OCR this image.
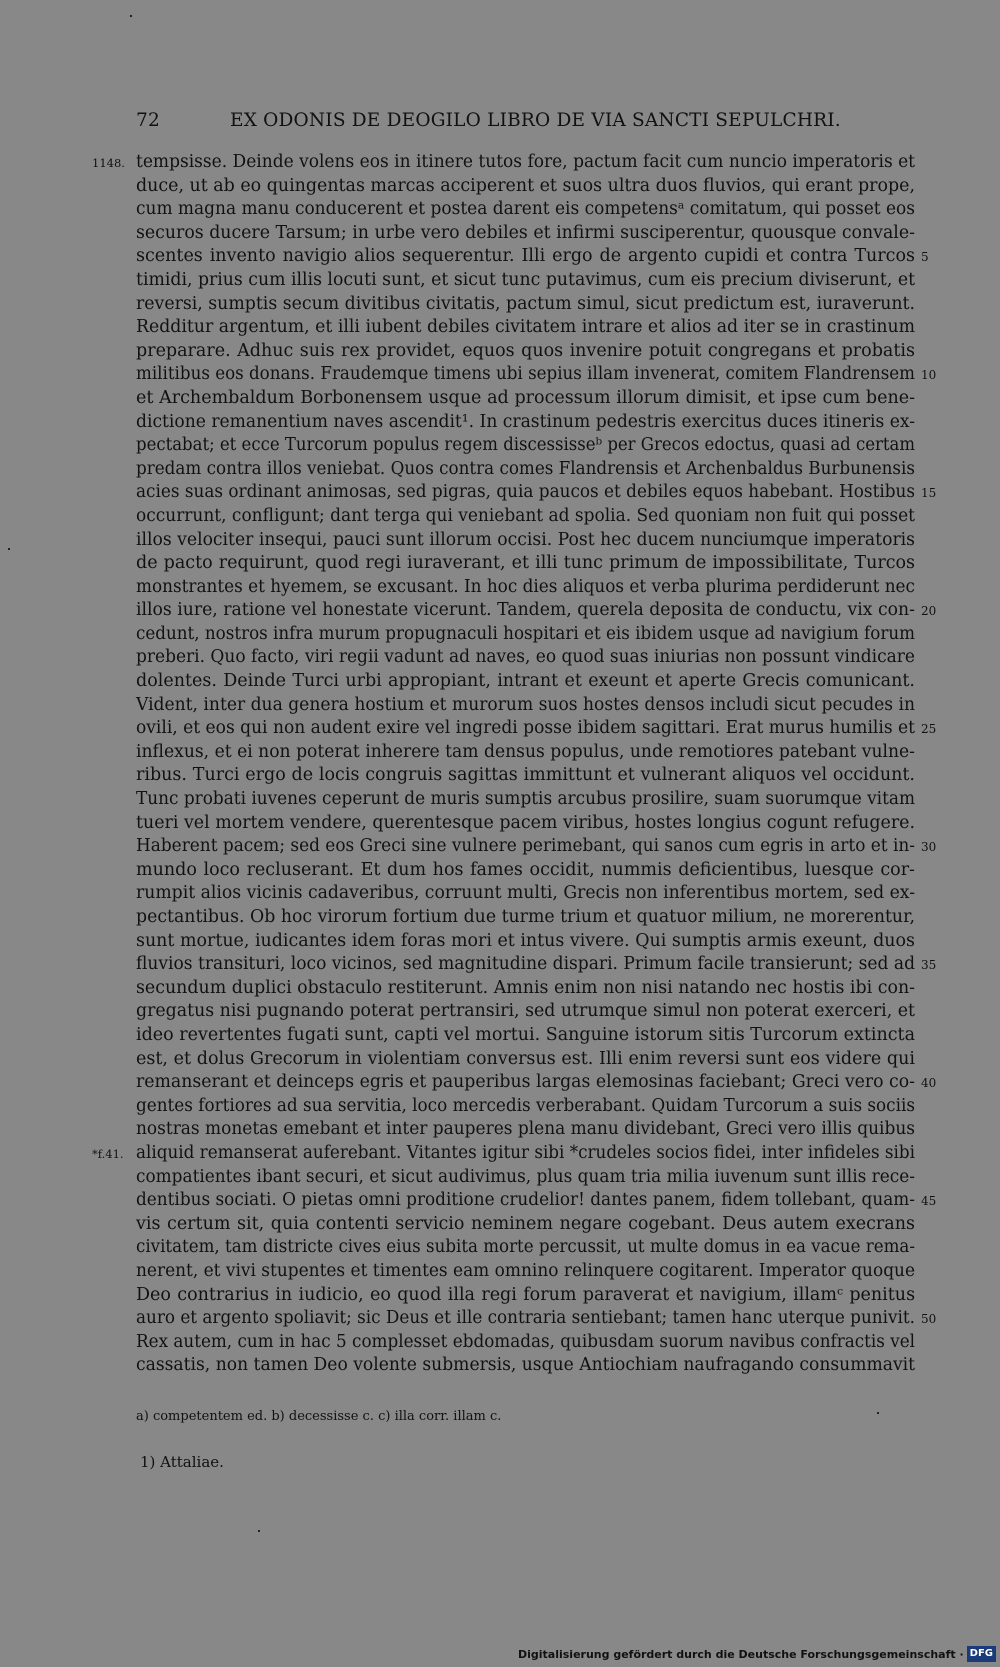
72	EX ODONIS DE DEOGILO LIBRO DE VIA SANCTI SEPULCHRI.
tempsisse. Deinde volens eos in itinere tutos fore, pactum facit cum nuncio imperatoris et
1148.
duce, ut ab eo quingentas marcas acciperent et suos ultra duos fluvios, qui erant prope,
cum magna manu conducerent et postea darent eis competensᵃ comitatum, qui posset eos
securos ducere Tarsum; in urbe vero debiles et infirmi susciperentur, quousque convale-
scentes invento navigio alios sequerentur. Illi ergo de argento cupidi et contra Turcos 5
timidi, prius cum illis locuti sunt, et sicut tunc putavimus, cum eis precium diviserunt, et
reversi, sumptis secum divitibus civitatis, pactum simul, sicut predictum est, iuraverunt.
Redditur argentum, et illi iubent debiles civitatem intrare et alios ad iter se in crastinum
preparare. Adhuc suis rex providet, equos quos invenire potuit congregans et probatis
militibus eos donans. Fraudemque timens ubi sepius illam invenerat, comitem Flandrensem 10
et Archembaldum Borbonensem usque ad processum illorum dimisit, et ipse cum bene-
dictione remanentium naves ascendit¹. In crastinum pedestris exercitus duces itineris ex-
pectabat; et ecce Turcorum populus regem discessisseᵇ per Grecos edoctus, quasi ad certam
predam contra illos veniebat. Quos contra comes Flandrensis et Archenbaldus Burbunensis
acies suas ordinant animosas, sed pigras, quia paucos et debiles equos habebant. Hostibus 15
occurrunt, confligunt; dant terga qui veniebant ad spolia. Sed quoniam non fuit qui posset
illos velociter insequi, pauci sunt illorum occisi. Post hec ducem nunciumque imperatoris
de pacto requirunt, quod regi iuraverant, et illi tunc primum de impossibilitate, Turcos
monstrantes et hyemem, se excusant. In hoc dies aliquos et verba plurima perdiderunt nec
illos iure, ratione vel honestate vicerunt. Tandem, querela deposita de conductu, vix con- 20
cedunt, nostros infra murum propugnaculi hospitari et eis ibidem usque ad navigium forum
preberi. Quo facto, viri regii vadunt ad naves, eo quod suas iniurias non possunt vindicare
dolentes. Deinde Turci urbi appropiant, intrant et exeunt et aperte Grecis comunicant.
Vident, inter dua genera hostium et murorum suos hostes densos includi sicut pecudes in
ovili, et eos qui non audent exire vel ingredi posse ibidem sagittari. Erat murus humilis et 25
inflexus, et ei non poterat inherere tam densus populus, unde remotiores patebant vulne-
ribus. Turci ergo de locis congruis sagittas immittunt et vulnerant aliquos vel occidunt.
Tunc probati iuvenes ceperunt de muris sumptis arcubus prosilire, suam suorumque vitam
tueri vel mortem vendere, querentesque pacem viribus, hostes longius cogunt refugere.
Haberent pacem; sed eos Greci sine vulnere perimebant, qui sanos cum egris in arto et in- 30
mundo loco recluserant. Et dum hos fames occidit, nummis deficientibus, luesque cor-
rumpit alios vicinis cadaveribus, corruunt multi, Grecis non inferentibus mortem, sed ex-
pectantibus. Ob hoc virorum fortium due turme trium et quatuor milium, ne morerentur,
sunt mortue, iudicantes idem foras mori et intus vivere. Qui sumptis armis exeunt, duos
fluvios transituri, loco vicinos, sed magnitudine dispari. Primum facile transierunt; sed ad 35
secundum duplici obstaculo restiterunt. Amnis enim non nisi natando nec hostis ibi con-
gregatus nisi pugnando poterat pertransiri, sed utrumque simul non poterat exerceri, et
ideo revertentes fugati sunt, capti vel mortui. Sanguine istorum sitis Turcorum extincta
est, et dolus Grecorum in violentiam conversus est. Illi enim reversi sunt eos videre qui
remanserant et deinceps egris et pauperibus largas elemosinas faciebant; Greci vero co- 40
gentes fortiores ad sua servitia, loco mercedis verberabant. Quidam Turcorum a suis sociis
nostras monetas emebant et inter pauperes plena manu dividebant, Greci vero illis quibus
aliquid remanserat auferebant. Vitantes igitur sibi *crudeles socios fidei, inter infideles sibi
*f.41.
compatientes ibant securi, et sicut audivimus, plus quam tria milia iuvenum sunt illis rece-
dentibus sociati. O pietas omni proditione crudelior! dantes panem, fidem tollebant, quam- 45
vis certum sit, quia contenti servicio neminem negare cogebant. Deus autem execrans
civitatem, tam districte cives eius subita morte percussit, ut multe domus in ea vacue rema-
nerent, et vivi stupentes et timentes eam omnino relinquere cogitarent. Imperator quoque
Deo contrarius in iudicio, eo quod illa regi forum paraverat et navigium, illamᶜ penitus
auro et argento spoliavit; sic Deus et ille contraria sentiebant; tamen hanc uterque punivit. 50
Rex autem, cum in hac 5 complesset ebdomadas, quibusdam suorum navibus confractis vel
cassatis, non tamen Deo volente submersis, usque Antiochiam naufragando consummavit
a) competentem ed. b) decessisse c. c) illa corr. illam c.
1) Attaliae.
Digitalisierung gefördert durch die Deutsche Forschungsgemeinschaft · DFG
